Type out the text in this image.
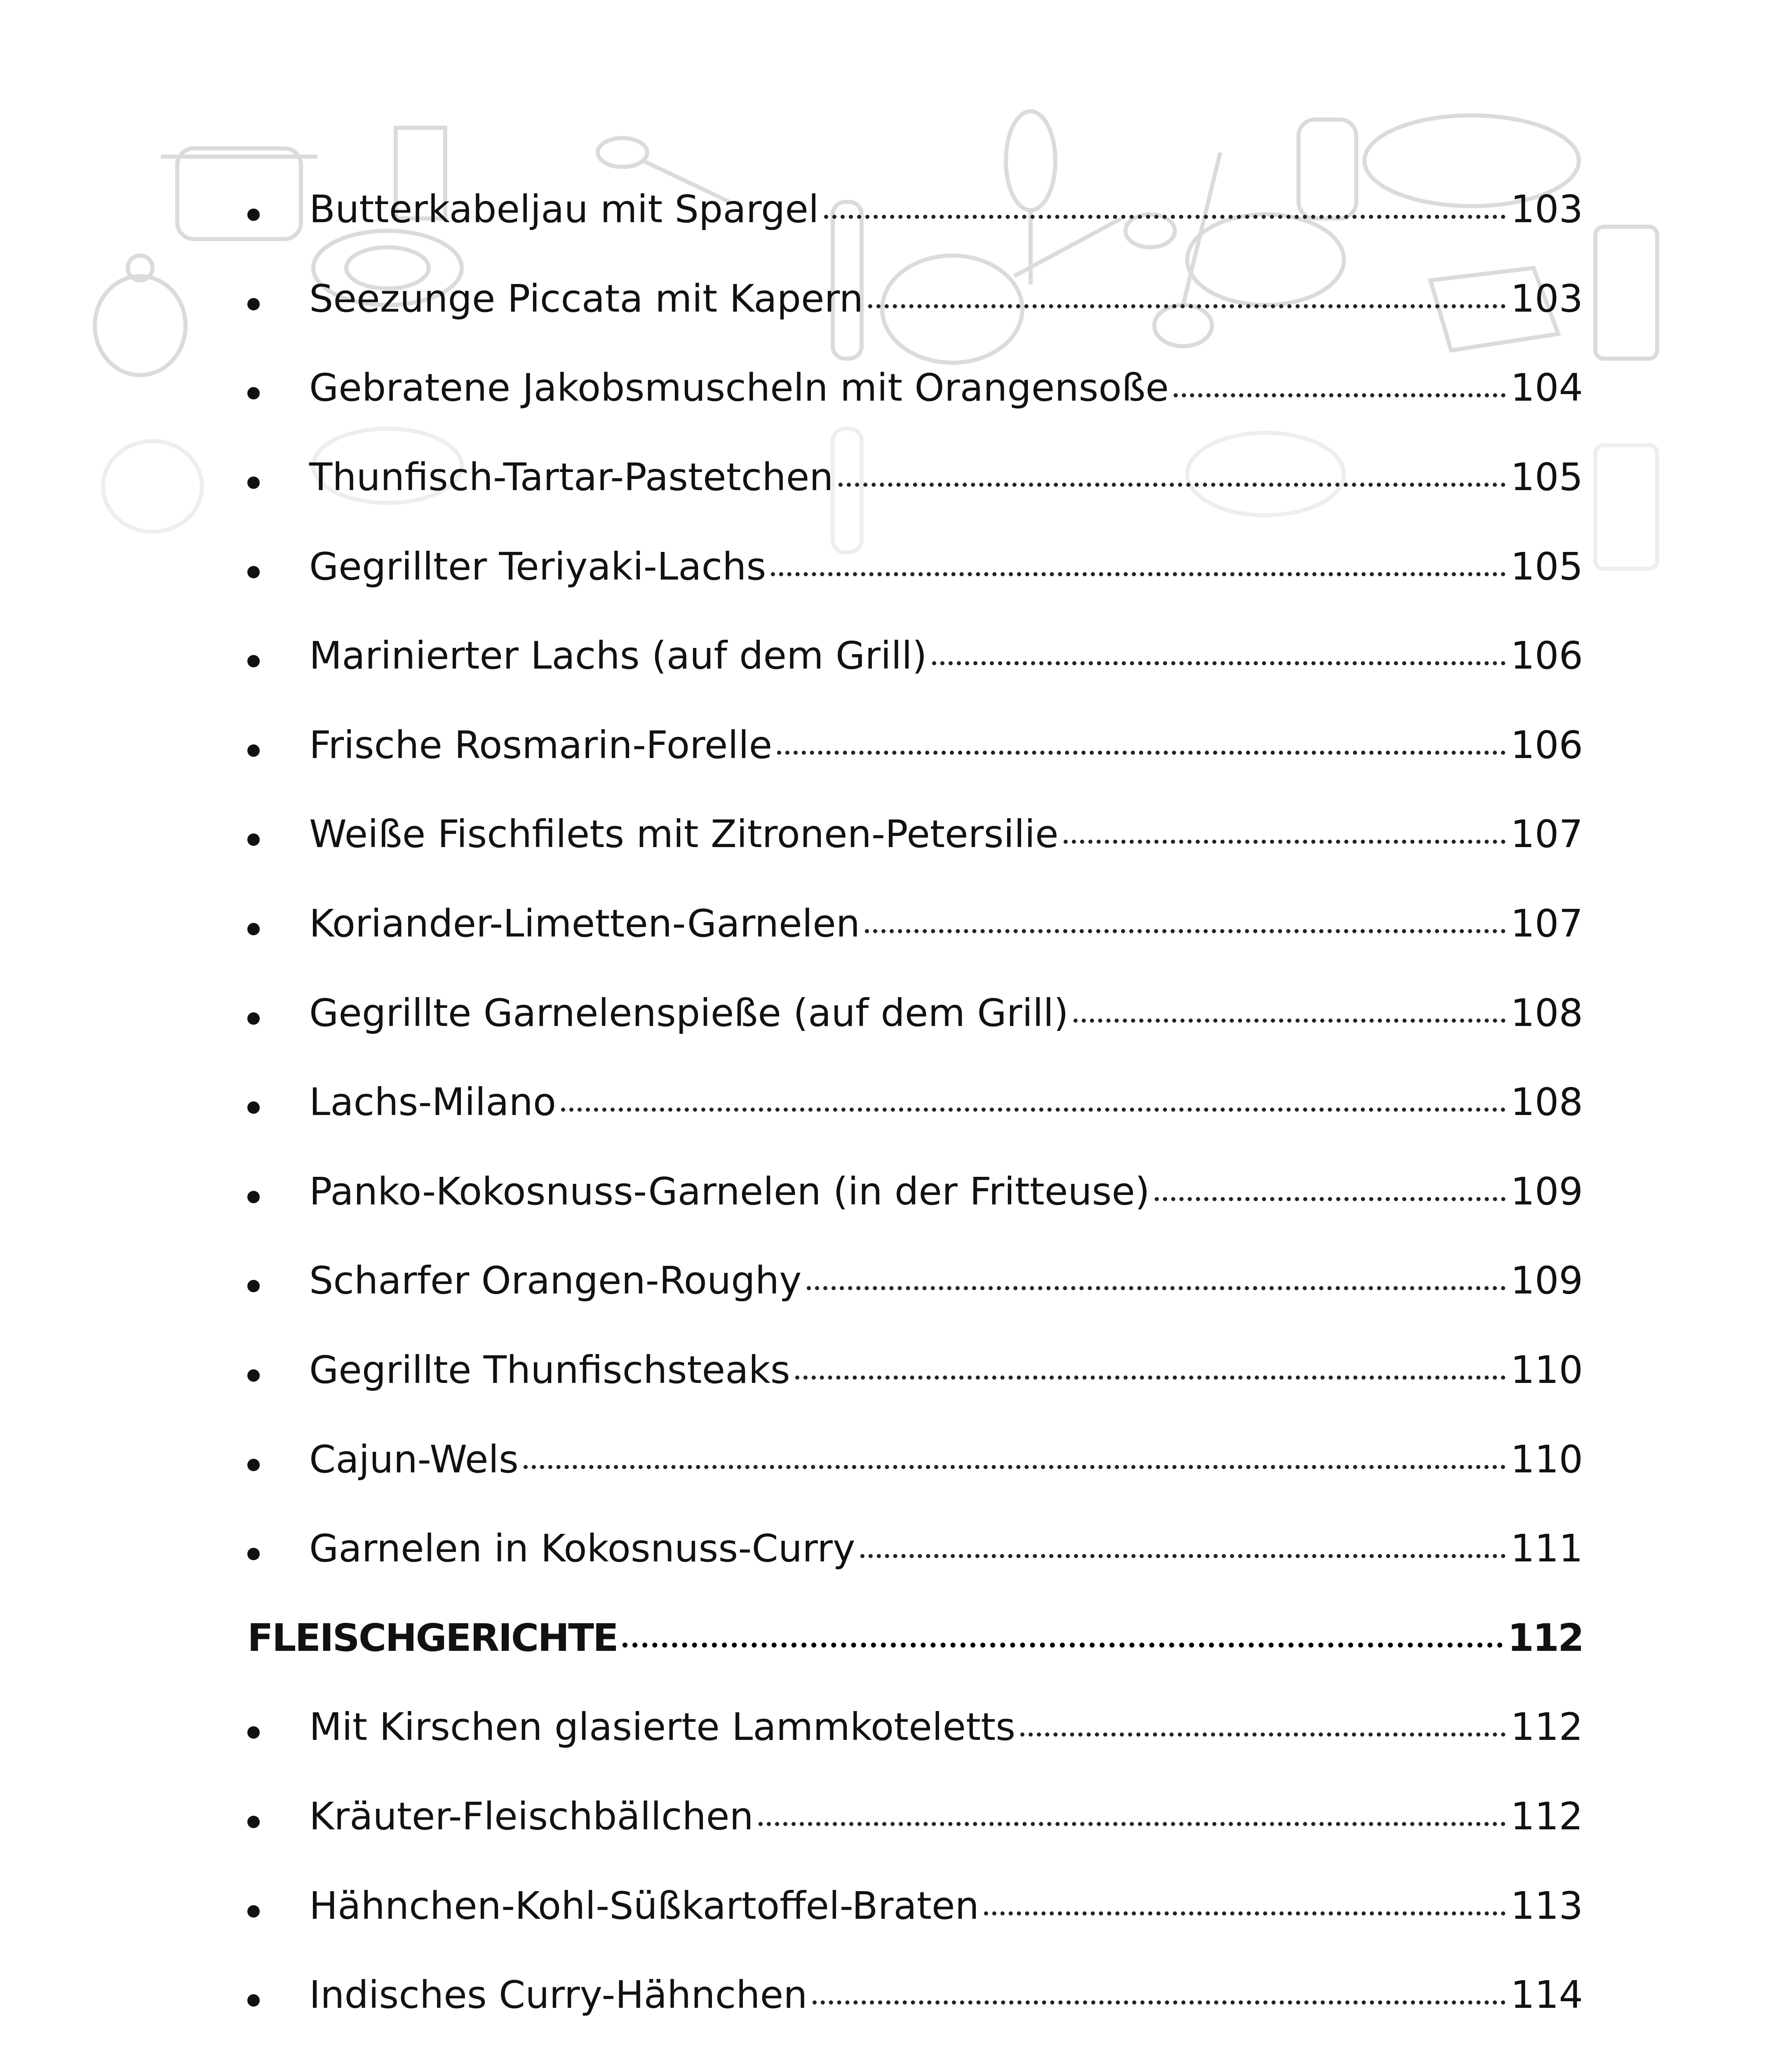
Butterkabeljau mit Spargel	103
Seezunge Piccata mit Kapern	103
Gebratene Jakobsmuscheln mit Orangensoße	104
Thunfisch-Tartar-Pastetchen	105
Gegrillter Teriyaki-Lachs	105
Marinierter Lachs (auf dem Grill)	106
Frische Rosmarin-Forelle	106
Weiße Fischfilets mit Zitronen-Petersilie	107
Koriander-Limetten-Garnelen	107
Gegrillte Garnelenspieße (auf dem Grill)	108
Lachs-Milano	108
Panko-Kokosnuss-Garnelen (in der Fritteuse)	109
Scharfer Orangen-Roughy	109
Gegrillte Thunfischsteaks	110
Cajun-Wels	110
Garnelen in Kokosnuss-Curry	111
FLEISCHGERICHTE	112
Mit Kirschen glasierte Lammkoteletts	112
Kräuter-Fleischbällchen	112
Hähnchen-Kohl-Süßkartoffel-Braten	113
Indisches Curry-Hähnchen	114
